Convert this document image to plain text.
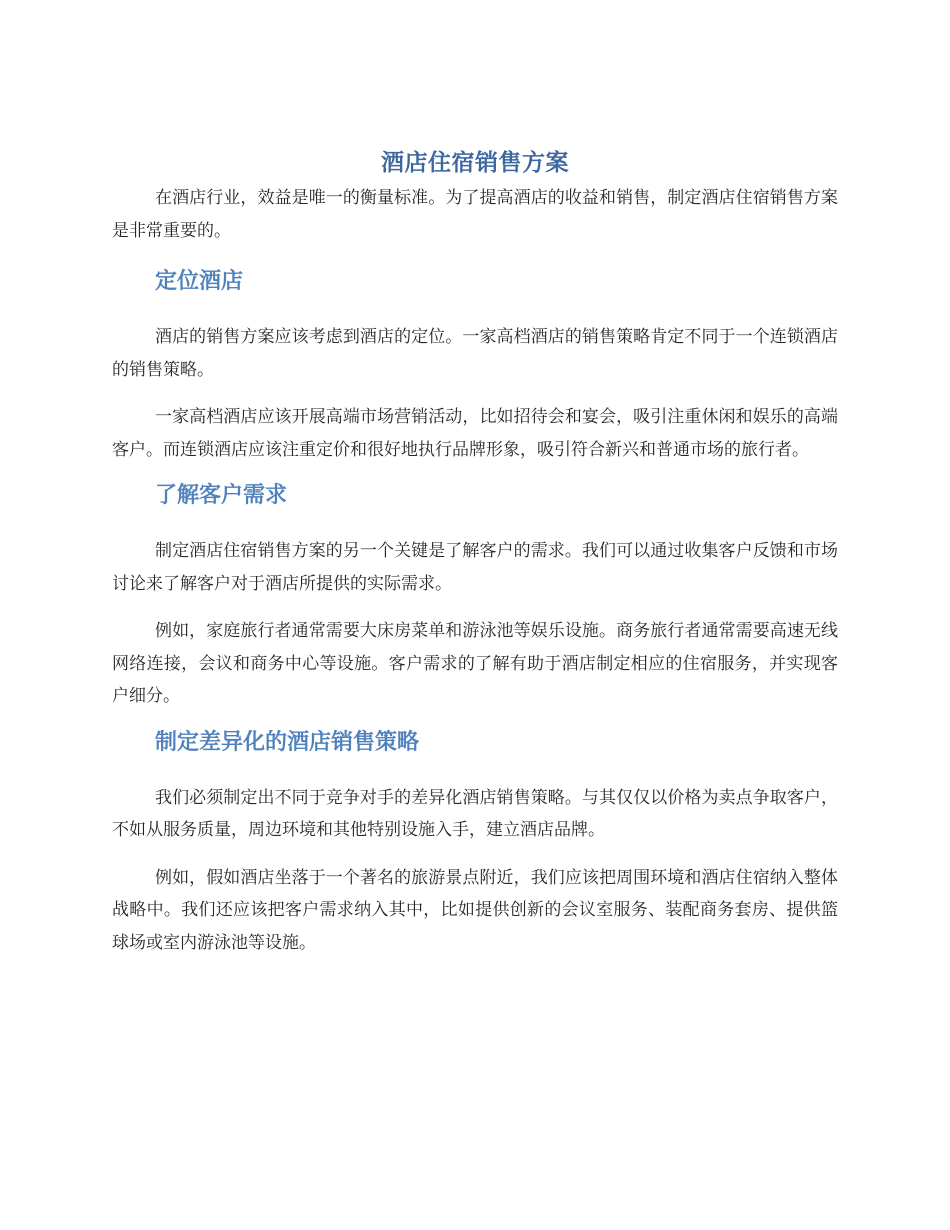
酒店住宿销售方案

在酒店行业，效益是唯一的衡量标准。为了提高酒店的收益和销售，制定酒店住宿销售方案是非常重要的。

定位酒店

酒店的销售方案应该考虑到酒店的定位。一家高档酒店的销售策略肯定不同于一个连锁酒店的销售策略。

一家高档酒店应该开展高端市场营销活动，比如招待会和宴会，吸引注重休闲和娱乐的高端客户。而连锁酒店应该注重定价和很好地执行品牌形象，吸引符合新兴和普通市场的旅行者。

了解客户需求

制定酒店住宿销售方案的另一个关键是了解客户的需求。我们可以通过收集客户反馈和市场讨论来了解客户对于酒店所提供的实际需求。

例如，家庭旅行者通常需要大床房菜单和游泳池等娱乐设施。商务旅行者通常需要高速无线网络连接，会议和商务中心等设施。客户需求的了解有助于酒店制定相应的住宿服务，并实现客户细分。

制定差异化的酒店销售策略

我们必须制定出不同于竞争对手的差异化酒店销售策略。与其仅仅以价格为卖点争取客户，不如从服务质量，周边环境和其他特别设施入手，建立酒店品牌。

例如，假如酒店坐落于一个著名的旅游景点附近，我们应该把周围环境和酒店住宿纳入整体战略中。我们还应该把客户需求纳入其中，比如提供创新的会议室服务、装配商务套房、提供篮球场或室内游泳池等设施。
